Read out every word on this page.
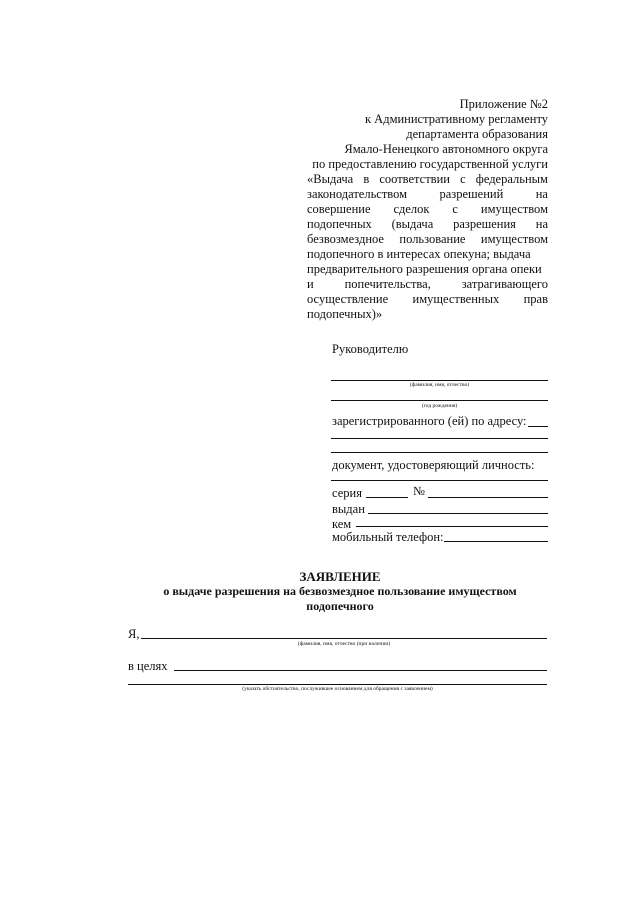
Приложение №2
к Административному регламенту
департамента образования
Ямало-Ненецкого автономного округа
по предоставлению государственной услуги
«Выдача в соответствии с федеральным
законодательством	разрешений	на
совершение сделок с имуществом
подопечных (выдача разрешения на
безвозмездное пользование имуществом
подопечного в интересах опекуна; выдача
предварительного разрешения органа опеки
и попечительства, затрагивающего
осуществление имущественных прав
подопечных)»
Руководителю
(фамилия, имя, отчество)
(год рождения)
зарегистрированного (ей) по адресу:
документ, удостоверяющий личность:
серия	№
выдан
кем
мобильный телефон:
ЗАЯВЛЕНИЕ
о выдаче разрешения на безвозмездное пользование имуществом
подопечного
Я,
(фамилия, имя, отчество (при наличии)
в целях
(указать обстоятельство, послужившее основанием для обращения с заявлением)
